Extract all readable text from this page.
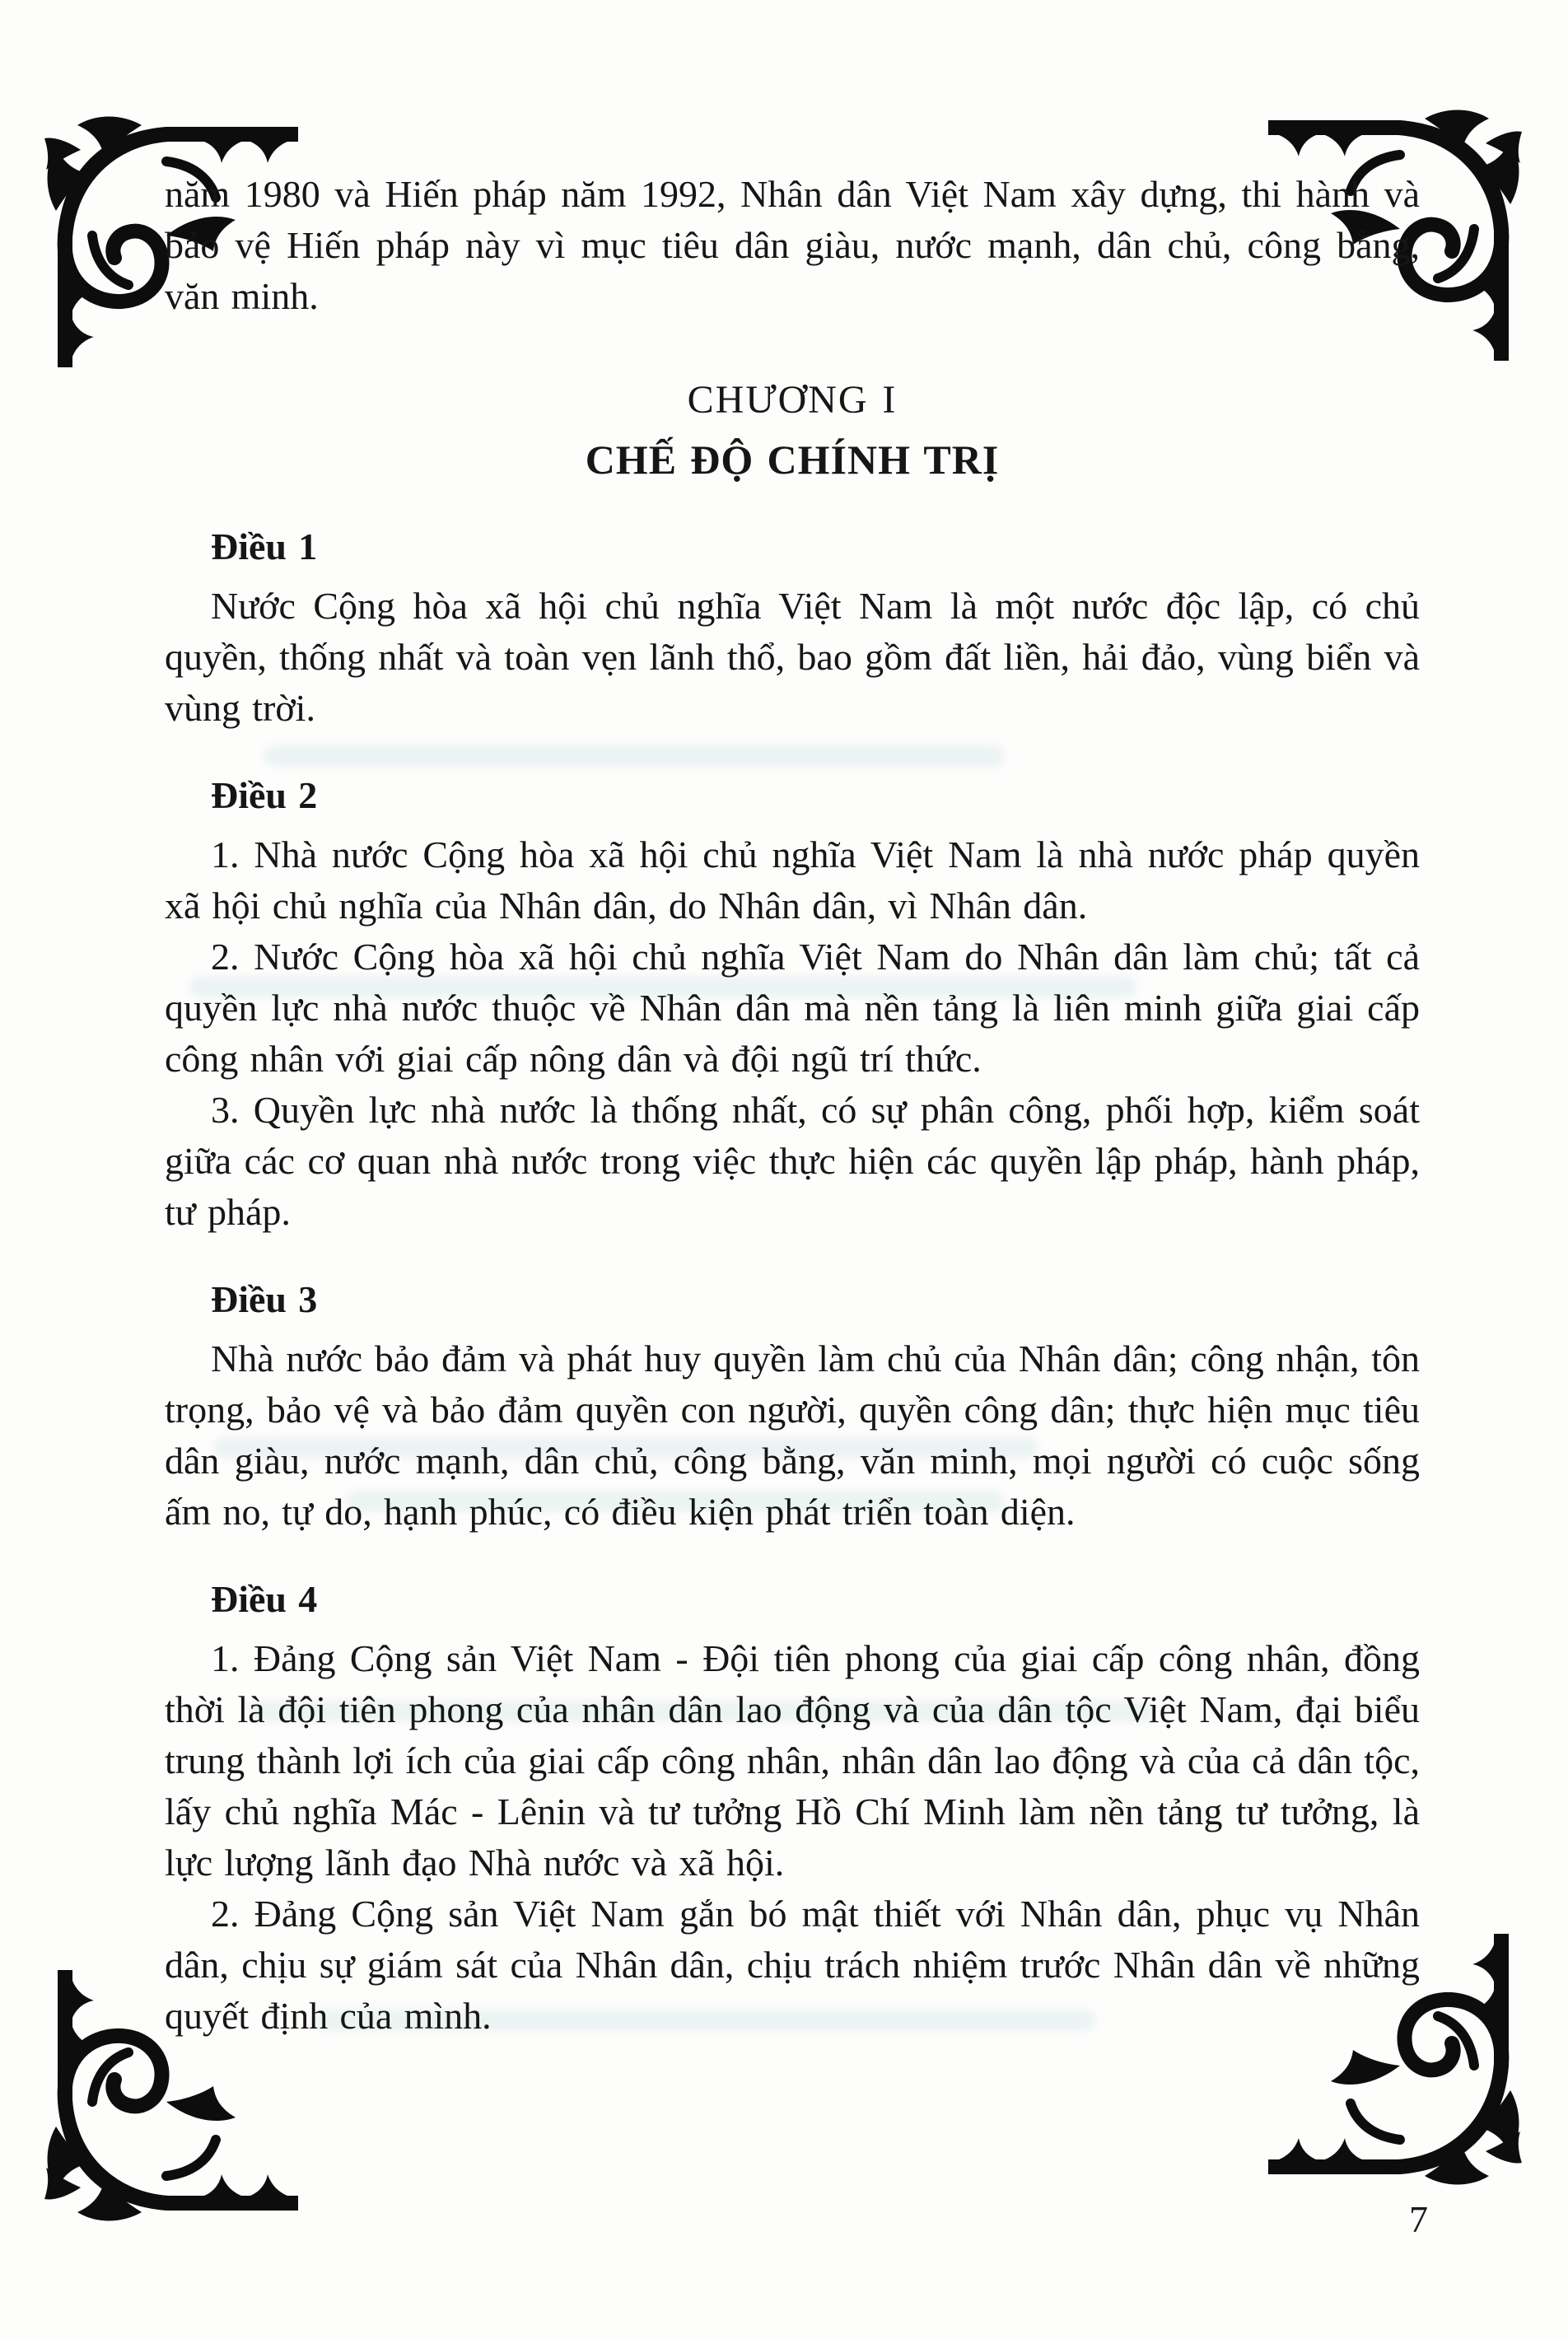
năm 1980 và Hiến pháp năm 1992, Nhân dân Việt Nam xây dựng, thi hành và bảo vệ Hiến pháp này vì mục tiêu dân giàu, nước mạnh, dân chủ, công bằng, văn minh.

CHƯƠNG I

CHẾ ĐỘ CHÍNH TRỊ

Điều 1

Nước Cộng hòa xã hội chủ nghĩa Việt Nam là một nước độc lập, có chủ quyền, thống nhất và toàn vẹn lãnh thổ, bao gồm đất liền, hải đảo, vùng biển và vùng trời.

Điều 2

1. Nhà nước Cộng hòa xã hội chủ nghĩa Việt Nam là nhà nước pháp quyền xã hội chủ nghĩa của Nhân dân, do Nhân dân, vì Nhân dân.

2. Nước Cộng hòa xã hội chủ nghĩa Việt Nam do Nhân dân làm chủ; tất cả quyền lực nhà nước thuộc về Nhân dân mà nền tảng là liên minh giữa giai cấp công nhân với giai cấp nông dân và đội ngũ trí thức.

3. Quyền lực nhà nước là thống nhất, có sự phân công, phối hợp, kiểm soát giữa các cơ quan nhà nước trong việc thực hiện các quyền lập pháp, hành pháp, tư pháp.

Điều 3

Nhà nước bảo đảm và phát huy quyền làm chủ của Nhân dân; công nhận, tôn trọng, bảo vệ và bảo đảm quyền con người, quyền công dân; thực hiện mục tiêu dân giàu, nước mạnh, dân chủ, công bằng, văn minh, mọi người có cuộc sống ấm no, tự do, hạnh phúc, có điều kiện phát triển toàn diện.

Điều 4

1. Đảng Cộng sản Việt Nam - Đội tiên phong của giai cấp công nhân, đồng thời là đội tiên phong của nhân dân lao động và của dân tộc Việt Nam, đại biểu trung thành lợi ích của giai cấp công nhân, nhân dân lao động và của cả dân tộc, lấy chủ nghĩa Mác - Lênin và tư tưởng Hồ Chí Minh làm nền tảng tư tưởng, là lực lượng lãnh đạo Nhà nước và xã hội.

2. Đảng Cộng sản Việt Nam gắn bó mật thiết với Nhân dân, phục vụ Nhân dân, chịu sự giám sát của Nhân dân, chịu trách nhiệm trước Nhân dân về những quyết định của mình.

7
